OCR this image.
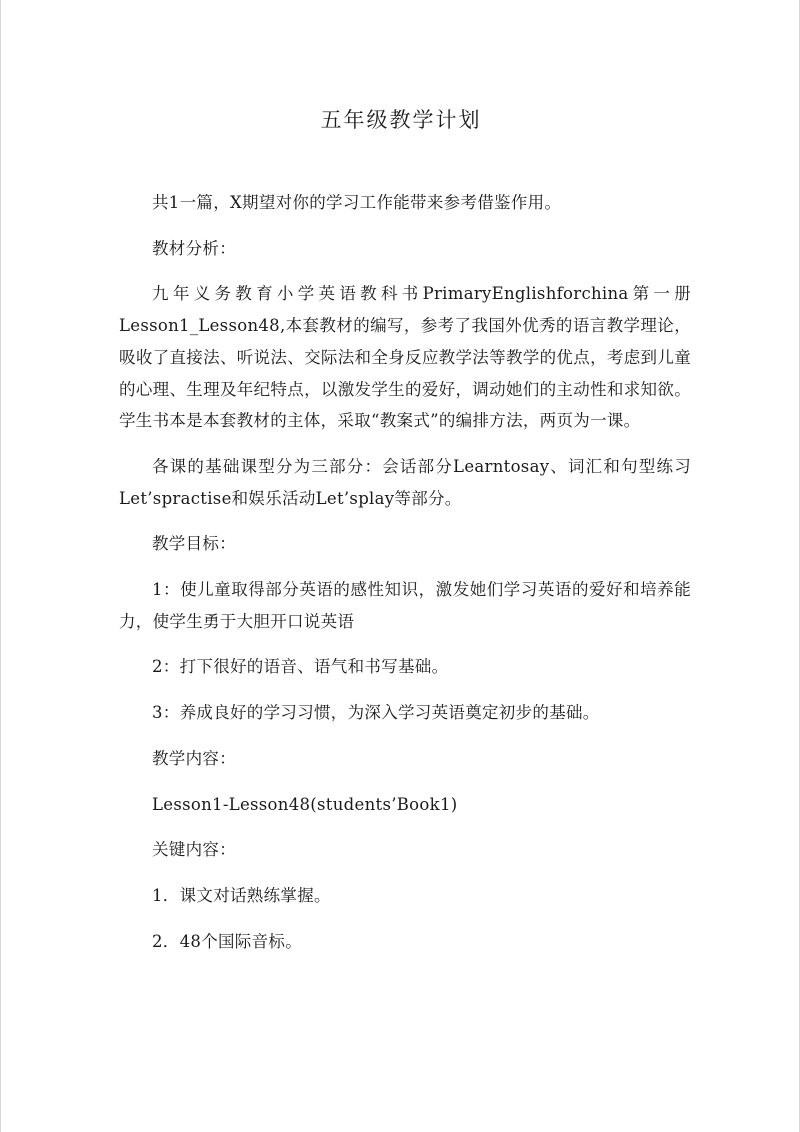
五年级教学计划

共1一篇，X期望对你的学习工作能带来参考借鉴作用。

教材分析：

九年义务教育小学英语教科书PrimaryEnglishforchina第一册Lesson1_Lesson48,本套教材的编写，参考了我国外优秀的语言教学理论，吸收了直接法、听说法、交际法和全身反应教学法等教学的优点，考虑到儿童的心理、生理及年纪特点，以激发学生的爱好，调动她们的主动性和求知欲。学生书本是本套教材的主体，采取“教案式”的编排方法，两页为一课。

各课的基础课型分为三部分：会话部分Learntosay、词汇和句型练习Let’spractise和娱乐活动Let’splay等部分。

教学目标：

1：使儿童取得部分英语的感性知识，激发她们学习英语的爱好和培养能力，使学生勇于大胆开口说英语

2：打下很好的语音、语气和书写基础。

3：养成良好的学习习惯，为深入学习英语奠定初步的基础。

教学内容：

Lesson1-Lesson48(students’Book1)

关键内容：

1．课文对话熟练掌握。

2．48个国际音标。
